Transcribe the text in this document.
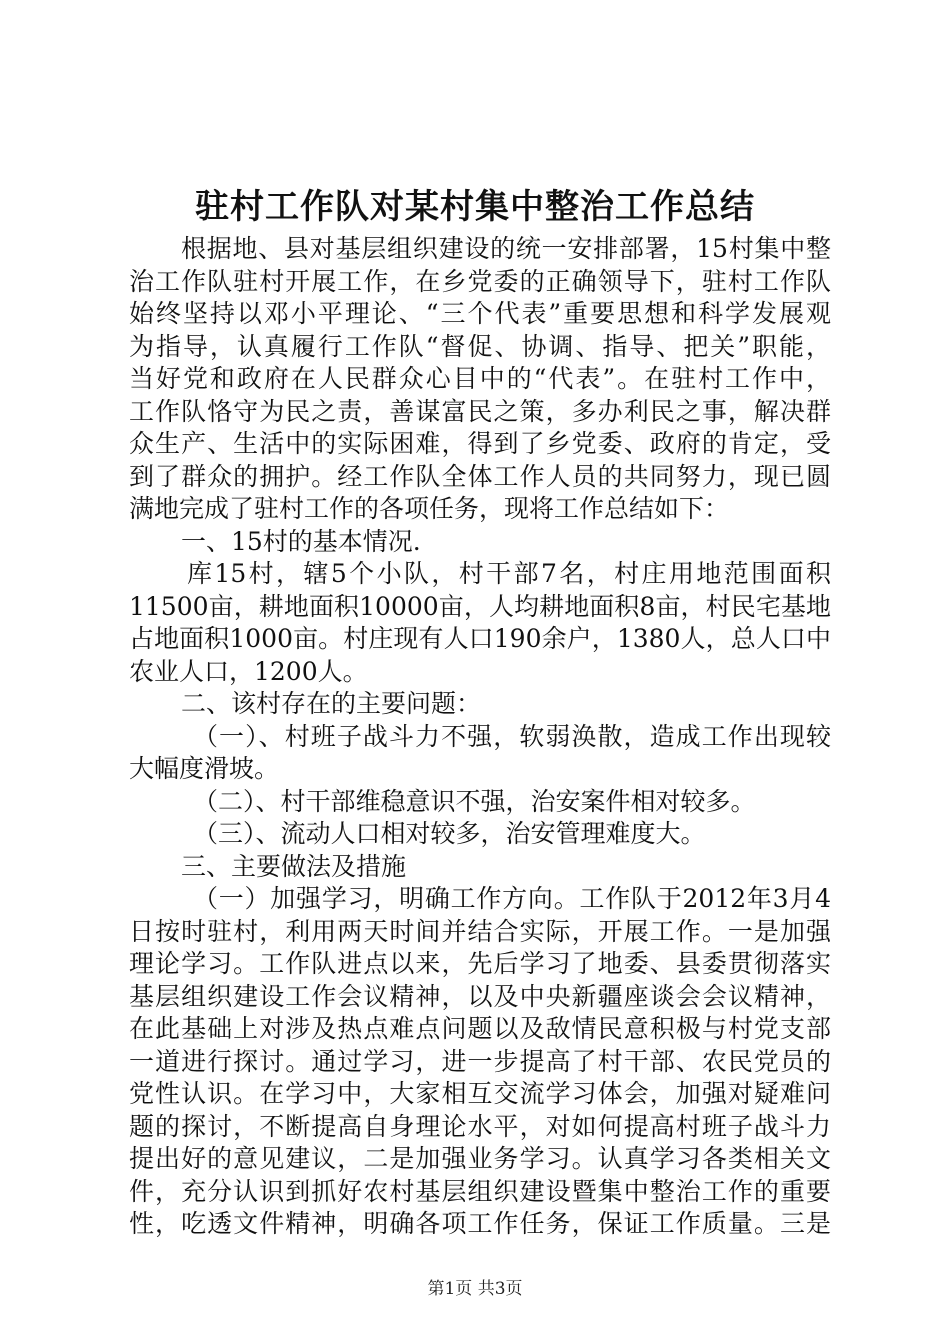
驻村工作队对某村集中整治工作总结

根据地、县对基层组织建设的统一安排部署，15村集中整

治工作队驻村开展工作，在乡党委的正确领导下，驻村工作队

始终坚持以邓小平理论、“三个代表”重要思想和科学发展观

为指导，认真履行工作队“督促、协调、指导、把关”职能，

当好党和政府在人民群众心目中的“代表”。在驻村工作中，

工作队恪守为民之责，善谋富民之策，多办利民之事，解决群

众生产、生活中的实际困难，得到了乡党委、政府的肯定，受

到了群众的拥护。经工作队全体工作人员的共同努力，现已圆

满地完成了驻村工作的各项任务，现将工作总结如下：

一、15村的基本情况.

库15村，辖5个小队，村干部7名，村庄用地范围面积

11500亩，耕地面积10000亩，人均耕地面积8亩，村民宅基地

占地面积1000亩。村庄现有人口190余户，1380人，总人口中

农业人口，1200人。

二、该村存在的主要问题：

（一）、村班子战斗力不强，软弱涣散，造成工作出现较

大幅度滑坡。

（二）、村干部维稳意识不强，治安案件相对较多。

（三）、流动人口相对较多，治安管理难度大。

三、主要做法及措施

（一）加强学习，明确工作方向。工作队于2012年3月4

日按时驻村，利用两天时间并结合实际，开展工作。一是加强

理论学习。工作队进点以来，先后学习了地委、县委贯彻落实

基层组织建设工作会议精神，以及中央新疆座谈会会议精神，

在此基础上对涉及热点难点问题以及敌情民意积极与村党支部

一道进行探讨。通过学习，进一步提高了村干部、农民党员的

党性认识。在学习中，大家相互交流学习体会，加强对疑难问

题的探讨，不断提高自身理论水平，对如何提高村班子战斗力

提出好的意见建议，二是加强业务学习。认真学习各类相关文

件，充分认识到抓好农村基层组织建设暨集中整治工作的重要

性，吃透文件精神，明确各项工作任务，保证工作质量。三是

第1页 共3页
